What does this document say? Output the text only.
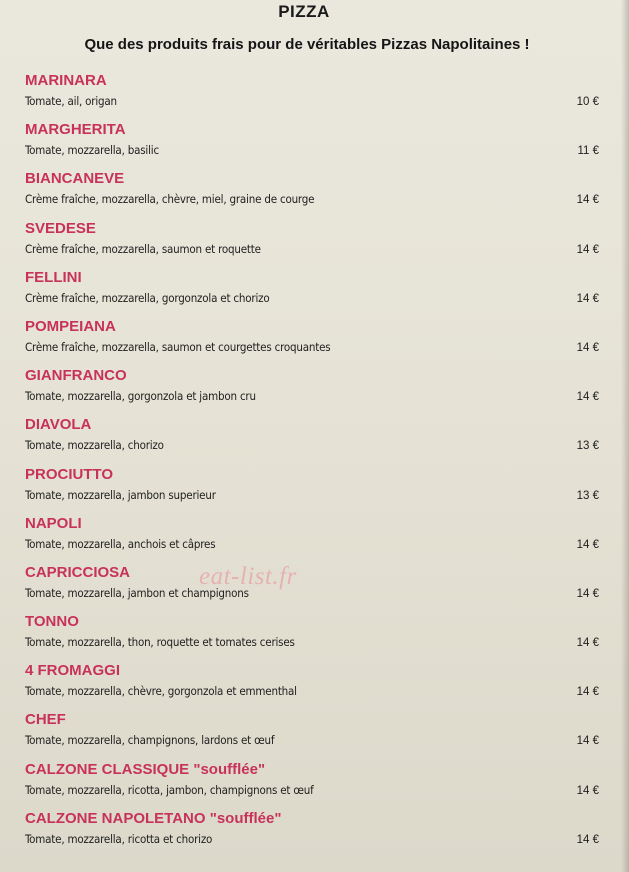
PIZZA
Que des produits frais pour de véritables Pizzas Napolitaines !
MARINARA
Tomate, ail, origan	10 €
MARGHERITA
Tomate, mozzarella, basilic	11 €
BIANCANEVE
Crème fraîche, mozzarella, chèvre, miel, graine de courge	14 €
SVEDESE
Crème fraîche, mozzarella, saumon et roquette	14 €
FELLINI
Crème fraîche, mozzarella, gorgonzola et chorizo	14 €
POMPEIANA
Crème fraîche, mozzarella, saumon et courgettes croquantes	14 €
GIANFRANCO
Tomate, mozzarella, gorgonzola et jambon cru	14 €
DIAVOLA
Tomate, mozzarella, chorizo	13 €
PROCIUTTO
Tomate, mozzarella, jambon superieur	13 €
NAPOLI
Tomate, mozzarella, anchois et câpres	14 €
CAPRICCIOSA
Tomate, mozzarella, jambon et champignons	14 €
TONNO
Tomate, mozzarella, thon, roquette et tomates cerises	14 €
4 FROMAGGI
Tomate, mozzarella, chèvre, gorgonzola et emmenthal	14 €
CHEF
Tomate, mozzarella, champignons, lardons et œuf	14 €
CALZONE CLASSIQUE "soufflée"
Tomate, mozzarella, ricotta, jambon, champignons et œuf	14 €
CALZONE NAPOLETANO "soufflée"
Tomate, mozzarella, ricotta et chorizo	14 €
eat-list.fr
